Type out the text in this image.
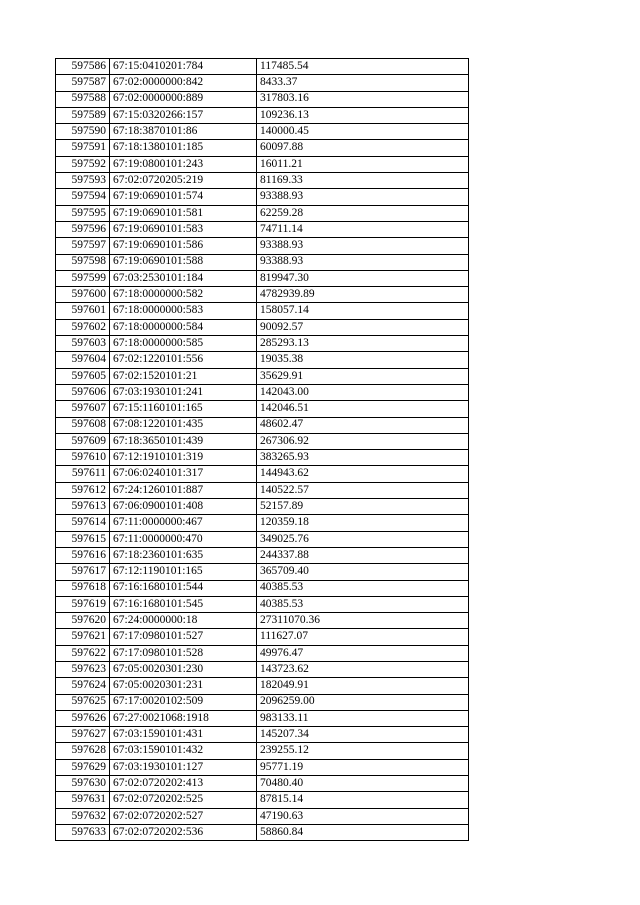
597586	67:15:0410201:784	117485.54
597587	67:02:0000000:842	8433.37
597588	67:02:0000000:889	317803.16
597589	67:15:0320266:157	109236.13
597590	67:18:3870101:86	140000.45
597591	67:18:1380101:185	60097.88
597592	67:19:0800101:243	16011.21
597593	67:02:0720205:219	81169.33
597594	67:19:0690101:574	93388.93
597595	67:19:0690101:581	62259.28
597596	67:19:0690101:583	74711.14
597597	67:19:0690101:586	93388.93
597598	67:19:0690101:588	93388.93
597599	67:03:2530101:184	819947.30
597600	67:18:0000000:582	4782939.89
597601	67:18:0000000:583	158057.14
597602	67:18:0000000:584	90092.57
597603	67:18:0000000:585	285293.13
597604	67:02:1220101:556	19035.38
597605	67:02:1520101:21	35629.91
597606	67:03:1930101:241	142043.00
597607	67:15:1160101:165	142046.51
597608	67:08:1220101:435	48602.47
597609	67:18:3650101:439	267306.92
597610	67:12:1910101:319	383265.93
597611	67:06:0240101:317	144943.62
597612	67:24:1260101:887	140522.57
597613	67:06:0900101:408	52157.89
597614	67:11:0000000:467	120359.18
597615	67:11:0000000:470	349025.76
597616	67:18:2360101:635	244337.88
597617	67:12:1190101:165	365709.40
597618	67:16:1680101:544	40385.53
597619	67:16:1680101:545	40385.53
597620	67:24:0000000:18	27311070.36
597621	67:17:0980101:527	111627.07
597622	67:17:0980101:528	49976.47
597623	67:05:0020301:230	143723.62
597624	67:05:0020301:231	182049.91
597625	67:17:0020102:509	2096259.00
597626	67:27:0021068:1918	983133.11
597627	67:03:1590101:431	145207.34
597628	67:03:1590101:432	239255.12
597629	67:03:1930101:127	95771.19
597630	67:02:0720202:413	70480.40
597631	67:02:0720202:525	87815.14
597632	67:02:0720202:527	47190.63
597633	67:02:0720202:536	58860.84
